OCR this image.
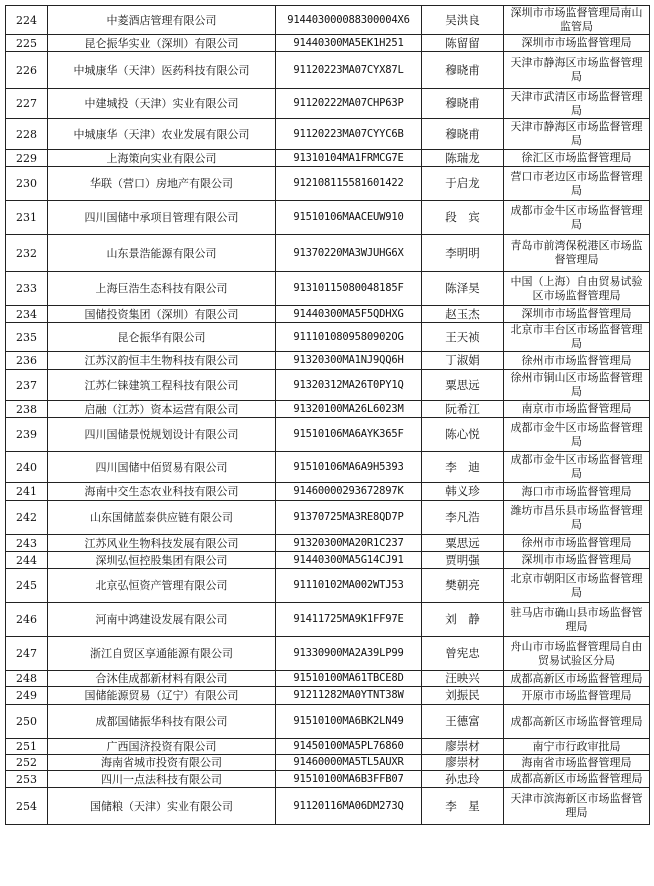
224	中菱酒店管理有限公司	914403000088300004X6	吴洪良	深圳市市场监督管理局南山监管局
225	昆仑振华实业（深圳）有限公司	91440300MA5EK1H251	陈留留	深圳市市场监督管理局
226	中城康华（天津）医药科技有限公司	91120223MA07CYX87L	穆晓甫	天津市静海区市场监督管理局
227	中建城投（天津）实业有限公司	91120222MA07CHP63P	穆晓甫	天津市武清区市场监督管理局
228	中城康华（天津）农业发展有限公司	91120223MA07CYYC6B	穆晓甫	天津市静海区市场监督管理局
229	上海策向实业有限公司	91310104MA1FRMCG7E	陈瑞龙	徐汇区市场监督管理局
230	华联（营口）房地产有限公司	912108115581601422	于启龙	营口市老边区市场监督管理局
231	四川国储中承项目管理有限公司	91510106MAACEUW910	段　宾	成都市金牛区市场监督管理局
232	山东景浩能源有限公司	91370220MA3WJUHG6X	李明明	青岛市前湾保税港区市场监督管理局
233	上海巨浩生态科技有限公司	91310115080048185F	陈泽昊	中国（上海）自由贸易试验区市场监督管理局
234	国储投资集团（深圳）有限公司	91440300MA5F5QDHXG	赵玉杰	深圳市市场监督管理局
235	昆仑振华有限公司	9111010809580902OG	王天祯	北京市丰台区市场监督管理局
236	江苏汉韵恒丰生物科技有限公司	91320300MA1NJ9QQ6H	丁淑娟	徐州市市场监督管理局
237	江苏仁铼建筑工程科技有限公司	91320312MA26T0PY1Q	粟思远	徐州市铜山区市场监督管理局
238	启融（江苏）资本运营有限公司	91320100MA26L6023M	阮希江	南京市市场监督管理局
239	四川国储景悦规划设计有限公司	91510106MA6AYK365F	陈心悦	成都市金牛区市场监督管理局
240	四川国储中佰贸易有限公司	91510106MA6A9H5393	李　迪	成都市金牛区市场监督管理局
241	海南中交生态农业科技有限公司	91460000293672897K	韩义珍	海口市市场监督管理局
242	山东国储蓝泰供应链有限公司	91370725MA3RE8QD7P	李凡浩	潍坊市昌乐县市场监督管理局
243	江苏风业生物科技发展有限公司	91320300MA20R1C237	粟思远	徐州市市场监督管理局
244	深圳弘恒控股集团有限公司	91440300MA5G14CJ91	贾明强	深圳市市场监督管理局
245	北京弘恒资产管理有限公司	91110102MA002WTJ53	樊朝亮	北京市朝阳区市场监督管理局
246	河南中鸿建设发展有限公司	91411725MA9K1FF97E	刘　静	驻马店市确山县市场监督管理局
247	浙江自贸区享通能源有限公司	91330900MA2A39LP99	曾宪忠	舟山市市场监督管理局自由贸易试验区分局
248	合沐佳成都新材料有限公司	91510100MA61TBCE8D	汪映兴	成都高新区市场监督管理局
249	国储能源贸易（辽宁）有限公司	91211282MA0YTNT38W	刘振民	开原市市场监督管理局
250	成都国储振华科技有限公司	91510100MA6BK2LN49	王德富	成都高新区市场监督管理局
251	广西国济投资有限公司	91450100MA5PL76860	廖崇材	南宁市行政审批局
252	海南省城市投资有限公司	91460000MA5TL5AUXR	廖崇材	海南省市场监督管理局
253	四川一点法科技有限公司	91510100MA6B3FFB07	孙忠玲	成都高新区市场监督管理局
254	国储粮（天津）实业有限公司	91120116MA06DM273Q	李　星	天津市滨海新区市场监督管理局
